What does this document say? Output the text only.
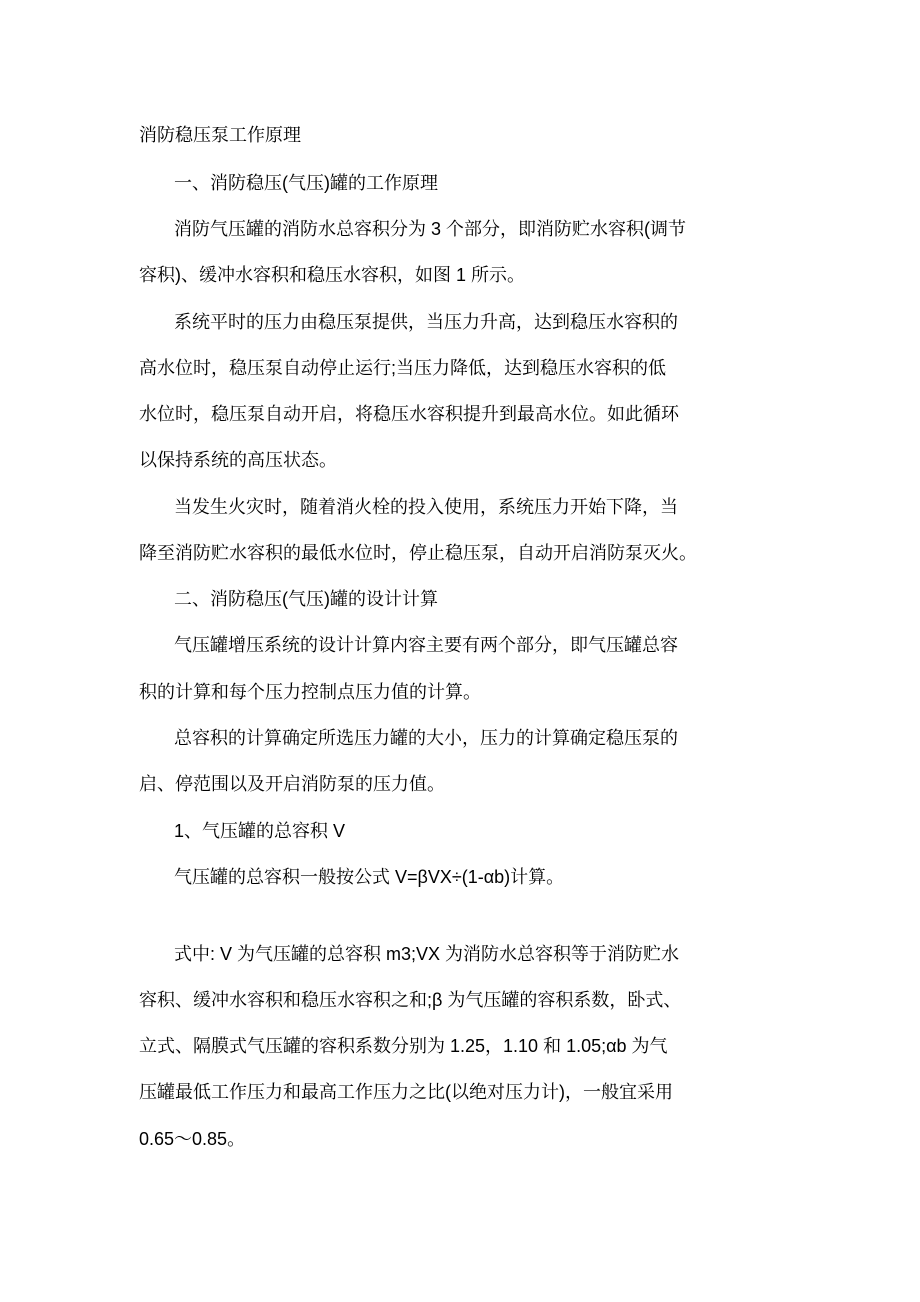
消防稳压泵工作原理
一、消防稳压(气压)罐的工作原理
消防气压罐的消防水总容积分为 3 个部分，即消防贮水容积(调节
容积)、缓冲水容积和稳压水容积，如图 1 所示。
系统平时的压力由稳压泵提供，当压力升高，达到稳压水容积的
高水位时，稳压泵自动停止运行;当压力降低，达到稳压水容积的低
水位时，稳压泵自动开启，将稳压水容积提升到最高水位。如此循环
以保持系统的高压状态。
当发生火灾时，随着消火栓的投入使用，系统压力开始下降，当
降至消防贮水容积的最低水位时，停止稳压泵，自动开启消防泵灭火。
二、消防稳压(气压)罐的设计计算
气压罐增压系统的设计计算内容主要有两个部分，即气压罐总容
积的计算和每个压力控制点压力值的计算。
总容积的计算确定所选压力罐的大小，压力的计算确定稳压泵的
启、停范围以及开启消防泵的压力值。
1、气压罐的总容积 V
气压罐的总容积一般按公式 V=βVX÷(1-αb)计算。
式中: V 为气压罐的总容积 m3;VX 为消防水总容积等于消防贮水
容积、缓冲水容积和稳压水容积之和;β 为气压罐的容积系数，卧式、
立式、隔膜式气压罐的容积系数分别为 1.25，1.10 和 1.05;αb 为气
压罐最低工作压力和最高工作压力之比(以绝对压力计)，一般宜采用
0.65～0.85。
